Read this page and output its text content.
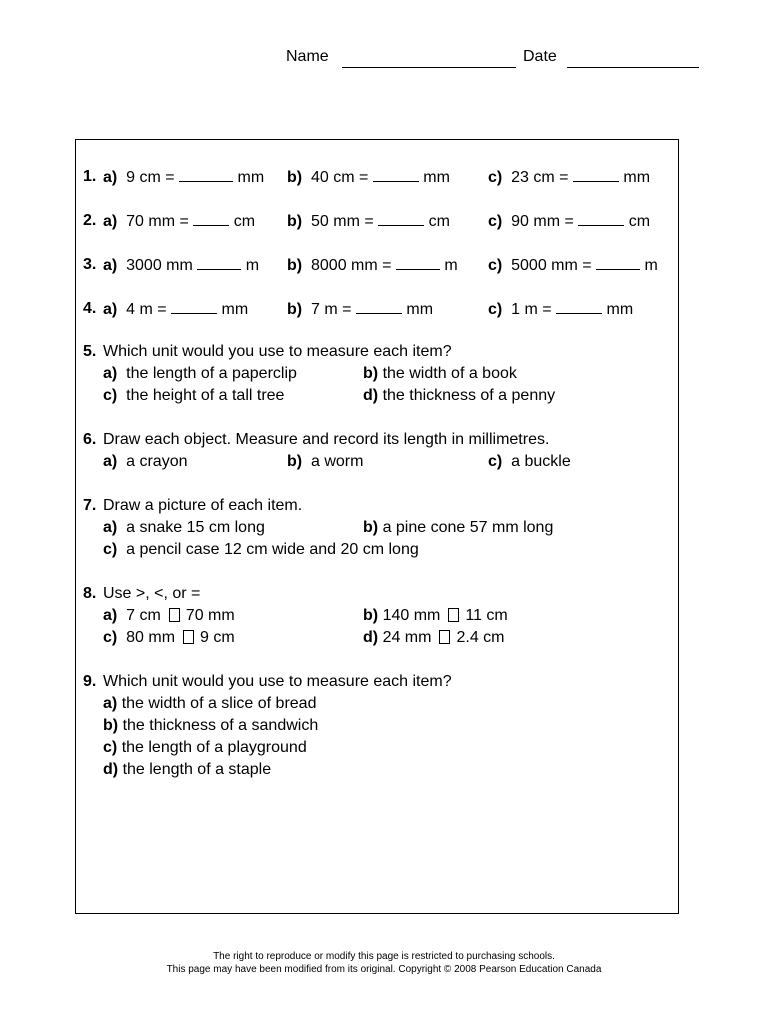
Name	Date
1. a) 9 cm =	mm b) 40 cm =	mm c) 23 cm =	mm
2. a) 70 mm =	cm b) 50 mm =	cm c) 90 mm =	cm
3. a) 3000 mm	m b) 8000 mm =	m c) 5000 mm =	m
4. a) 4 m =	mm b) 7 m =	mm	c) 1 m =	mm
5. Which unit would you use to measure each item?
a) the length of a paperclip	b) the width of a book
c) the height of a tall tree	d) the thickness of a penny
6. Draw each object. Measure and record its length in millimetres.
a) a crayon	b) a worm	c) a buckle
7. Draw a picture of each item.
a) a snake 15 cm long	b) a pine cone 57 mm long
c) a pencil case 12 cm wide and 20 cm long
8. Use >, <, or =
a) 7 cm 70 mm	b) 140 mm 11 cm
c) 80 mm 9 cm	d) 24 mm 2.4 cm
9. Which unit would you use to measure each item?
a) the width of a slice of bread
b) the thickness of a sandwich
c) the length of a playground
d) the length of a staple
The right to reproduce or modify this page is restricted to purchasing schools.
This page may have been modified from its original. Copyright © 2008 Pearson Education Canada
